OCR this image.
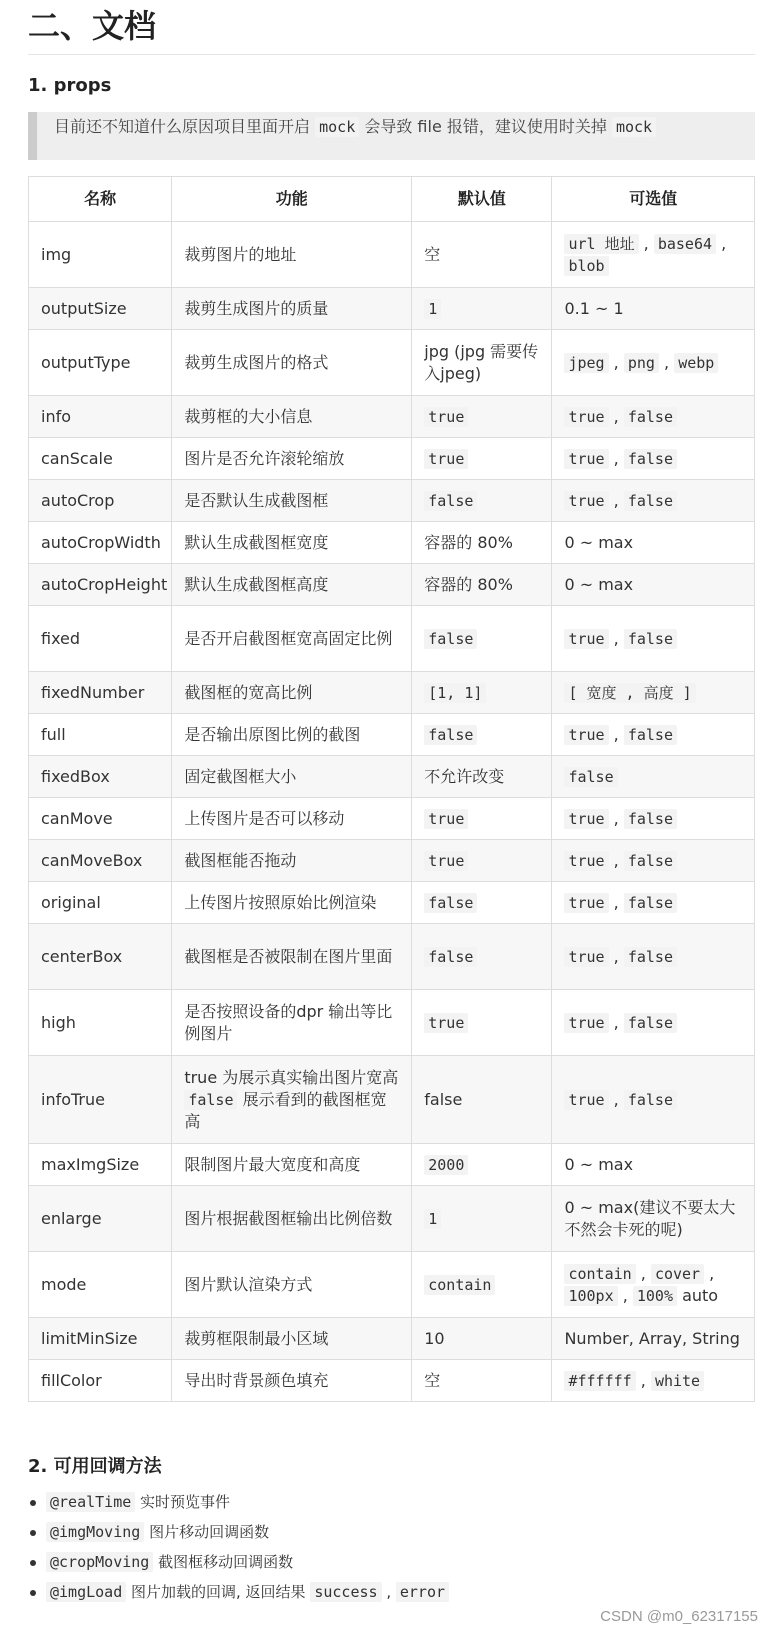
二、文档
1. props
目前还不知道什么原因项目里面开启 mock 会导致 file 报错，建议使用时关掉 mock
名称	功能	默认值	可选值
img	裁剪图片的地址	空	url 地址 , base64 , blob
outputSize	裁剪生成图片的质量	1	0.1 ~ 1
outputType	裁剪生成图片的格式	jpg (jpg 需要传入jpeg)	jpeg , png , webp
info	裁剪框的大小信息	true	true , false
canScale	图片是否允许滚轮缩放	true	true , false
autoCrop	是否默认生成截图框	false	true , false
autoCropWidth	默认生成截图框宽度	容器的 80%	0 ~ max
autoCropHeight	默认生成截图框高度	容器的 80%	0 ~ max
fixed	是否开启截图框宽高固定比例	false	true , false
fixedNumber	截图框的宽高比例	[1, 1]	[ 宽度 , 高度 ]
full	是否输出原图比例的截图	false	true , false
fixedBox	固定截图框大小	不允许改变	false
canMove	上传图片是否可以移动	true	true , false
canMoveBox	截图框能否拖动	true	true , false
original	上传图片按照原始比例渲染	false	true , false
centerBox	截图框是否被限制在图片里面	false	true , false
high	是否按照设备的dpr 输出等比例图片	true	true , false
infoTrue	true 为展示真实输出图片宽高 false 展示看到的截图框宽高	false	true , false
maxImgSize	限制图片最大宽度和高度	2000	0 ~ max
enlarge	图片根据截图框输出比例倍数	1	0 ~ max(建议不要太大不然会卡死的呢)
mode	图片默认渲染方式	contain	contain , cover , 100px , 100% auto
limitMinSize	裁剪框限制最小区域	10	Number, Array, String
fillColor	导出时背景颜色填充	空	#ffffff , white
2. 可用回调方法
@realTime 实时预览事件
@imgMoving 图片移动回调函数
@cropMoving 截图框移动回调函数
@imgLoad 图片加载的回调, 返回结果 success , error
CSDN @m0_62317155
